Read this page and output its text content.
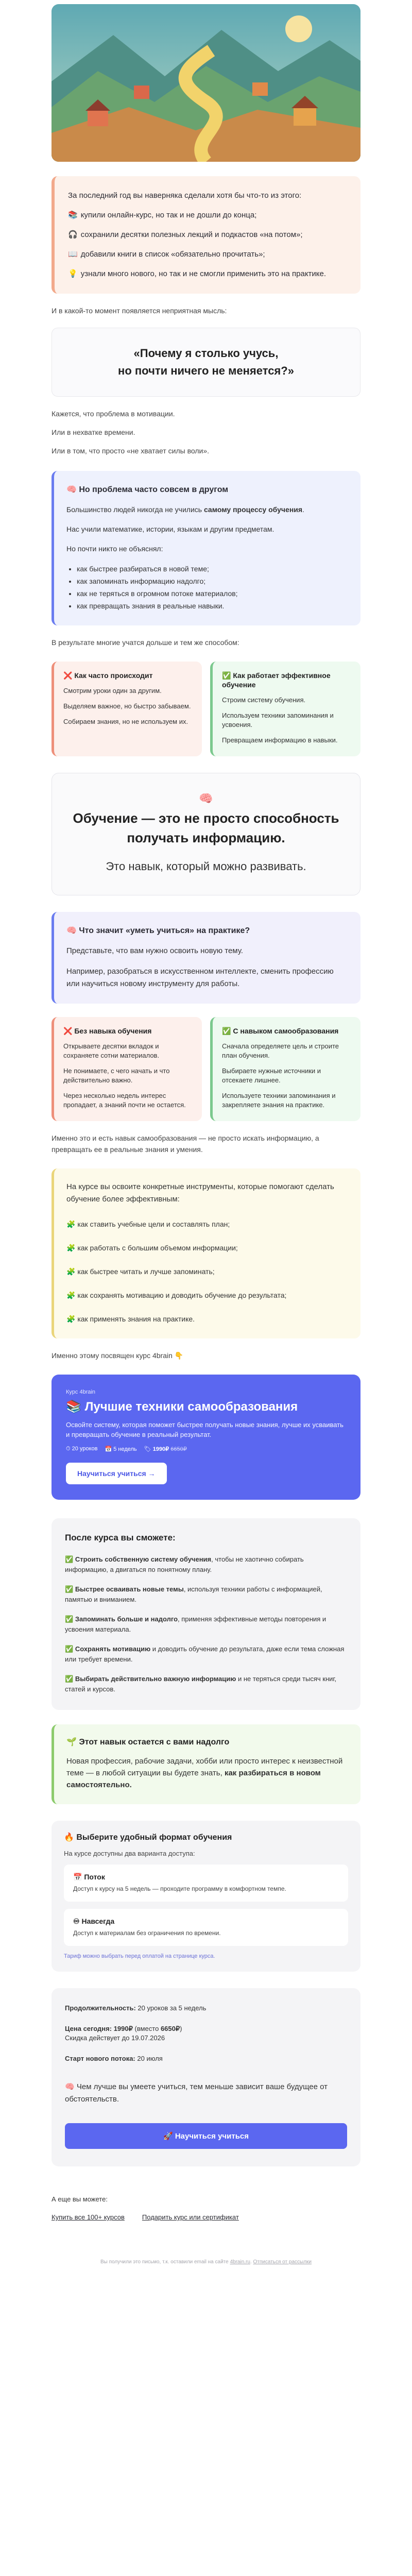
За последний год вы наверняка сделали хотя бы что-то из этого:

📚 купили онлайн-курс, но так и не дошли до конца;

🎧 сохранили десятки полезных лекций и подкастов «на потом»;

📖 добавили книги в список «обязательно прочитать»;

💡 узнали много нового, но так и не смогли применить это на практике.

И в какой-то момент появляется неприятная мысль:

«Почему я столько учусь,

но почти ничего не меняется?»

Кажется, что проблема в мотивации.

Или в нехватке времени.

Или в том, что просто «не хватает силы воли».

🧠 Но проблема часто совсем в другом

Большинство людей никогда не учились самому процессу обучения.

Нас учили математике, истории, языкам и другим предметам.

Но почти никто не объяснял:

• как быстрее разбираться в новой теме;
• как запоминать информацию надолго;
• как не теряться в огромном потоке материалов;
• как превращать знания в реальные навыки.

В результате многие учатся дольше и тем же способом:

❌ Как часто происходит

Смотрим уроки один за другим.

Выделяем важное, но быстро забываем.

Собираем знания, но не используем их.

✅ Как работает эффективное обучение

Строим систему обучения.

Используем техники запоминания и усвоения.

Превращаем информацию в навыки.

🧠
Обучение — это не просто способность получать информацию.

Это навык, который можно развивать.

🧠 Что значит «уметь учиться» на практике?

Представьте, что вам нужно освоить новую тему.

Например, разобраться в искусственном интеллекте, сменить профессию или научиться новому инструменту для работы.

❌ Без навыка обучения

Открываете десятки вкладок и сохраняете сотни материалов.

Не понимаете, с чего начать и что действительно важно.

Через несколько недель интерес пропадает, а знаний почти не остается.

✅ С навыком самообразования

Сначала определяете цель и строите план обучения.

Выбираете нужные источники и отсекаете лишнее.

Используете техники запоминания и закрепляете знания на практике.

Именно это и есть навык самообразования — не просто искать информацию, а превращать ее в реальные знания и умения.

На курсе вы освоите конкретные инструменты, которые помогают сделать обучение более эффективным:

🧩 как ставить учебные цели и составлять план;

🧩 как работать с большим объемом информации;

🧩 как быстрее читать и лучше запоминать;

🧩 как сохранять мотивацию и доводить обучение до результата;

🧩 как применять знания на практике.

Именно этому посвящен курс 4brain 👇

Курс 4brain
📚 Лучшие техники самообразования

Освойте систему, которая поможет быстрее получать новые знания, лучше их усваивать и превращать обучение в реальный результат.

⏱ 20 уроков 📅 5 недель 🏷 1990₽ 6650₽
Научиться учиться →
После курса вы сможете:

✅ Строить собственную систему обучения, чтобы не хаотично собирать информацию, а двигаться по понятному плану.

✅ Быстрее осваивать новые темы, используя техники работы с информацией, памятью и вниманием.

✅ Запоминать больше и надолго, применяя эффективные методы повторения и усвоения материала.

✅ Сохранять мотивацию и доводить обучение до результата, даже если тема сложная или требует времени.

✅ Выбирать действительно важную информацию и не теряться среди тысяч книг, статей и курсов.

🌱 Этот навык остается с вами надолго

Новая профессия, рабочие задачи, хобби или просто интерес к неизвестной теме — в любой ситуации вы будете знать, как разбираться в новом самостоятельно.

🔥 Выберите удобный формат обучения

На курсе доступны два варианта доступа:

📅 Поток

Доступ к курсу на 5 недель — проходите программу в комфортном темпе.

♾ Навсегда

Доступ к материалам без ограничения по времени.

Тариф можно выбрать перед оплатой на странице курса.

Продолжительность: 20 уроков за 5 недель

Цена сегодня: 1990₽ (вместо 6650₽)

Скидка действует до 19.07.2026

Старт нового потока: 20 июля

🧠 Чем лучше вы умеете учиться, тем меньше зависит ваше будущее от обстоятельств.

🚀 Научиться учиться

А еще вы можете:

Купить все 100+ курсов	Подарить курс или сертификат

Вы получили это письмо, т.к. оставили email на сайте 4brain.ru. Отписаться от рассылки
